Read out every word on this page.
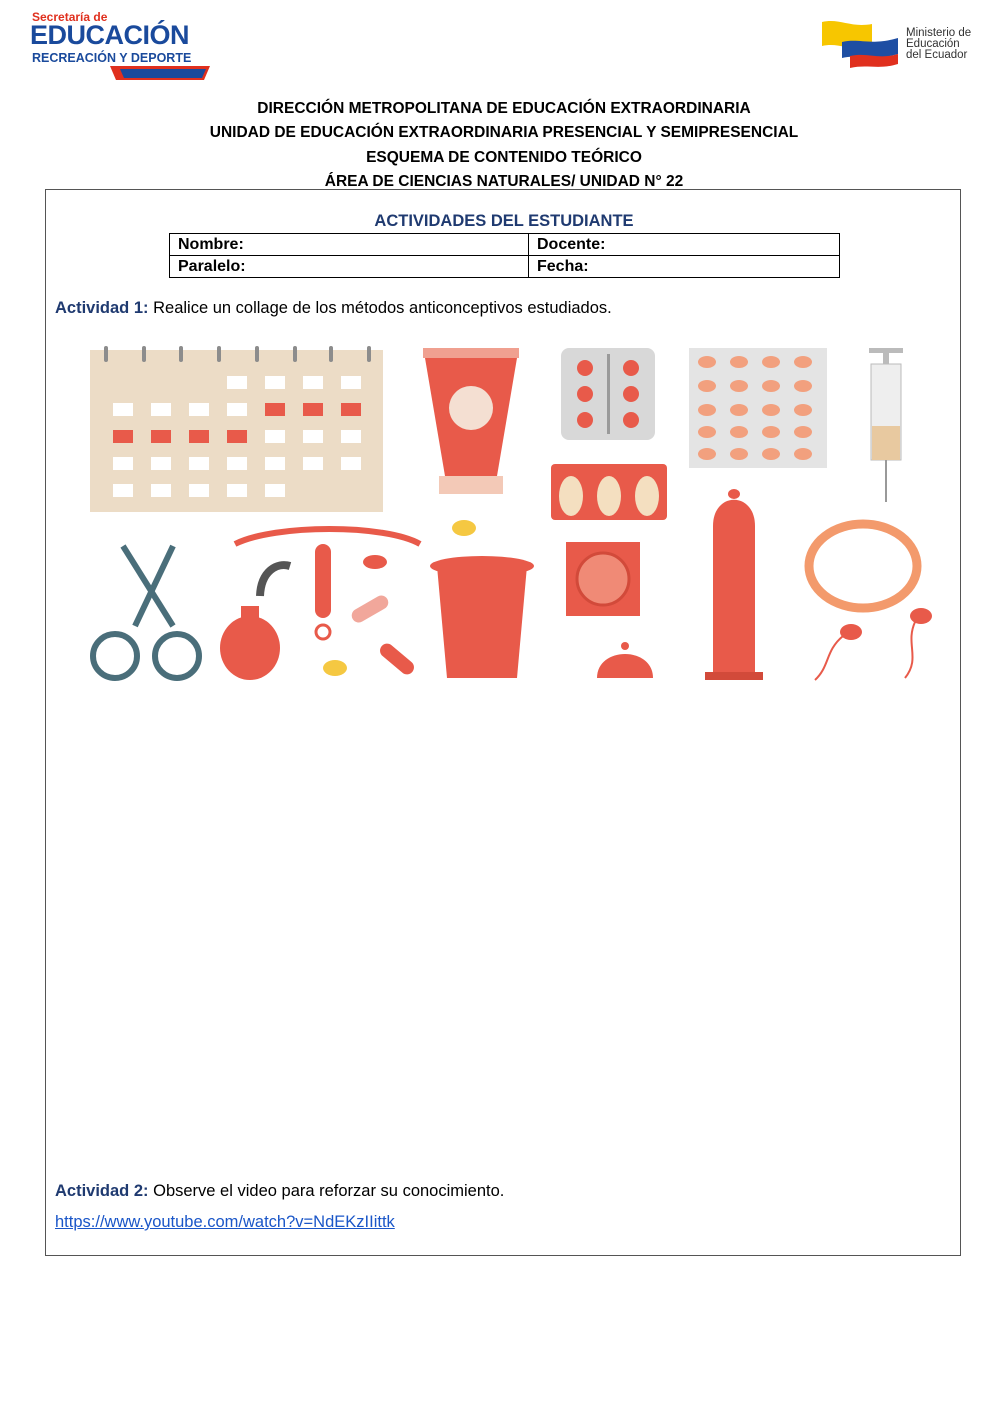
Secretaría de
EDUCACIÓN
RECREACIÓN Y DEPORTE
Ministerio de
Educación
del Ecuador
DIRECCIÓN METROPOLITANA DE EDUCACIÓN EXTRAORDINARIA
UNIDAD DE EDUCACIÓN EXTRAORDINARIA PRESENCIAL Y SEMIPRESENCIAL
ESQUEMA DE CONTENIDO TEÓRICO
ÁREA DE CIENCIAS NATURALES/ UNIDAD N° 22
ACTIVIDADES DEL ESTUDIANTE
Nombre:	Docente:
Paralelo:	Fecha:
Actividad 1: Realice un collage de los métodos anticonceptivos estudiados.
Actividad 2: Observe el video para reforzar su conocimiento.
https://www.youtube.com/watch?v=NdEKzIIittk
